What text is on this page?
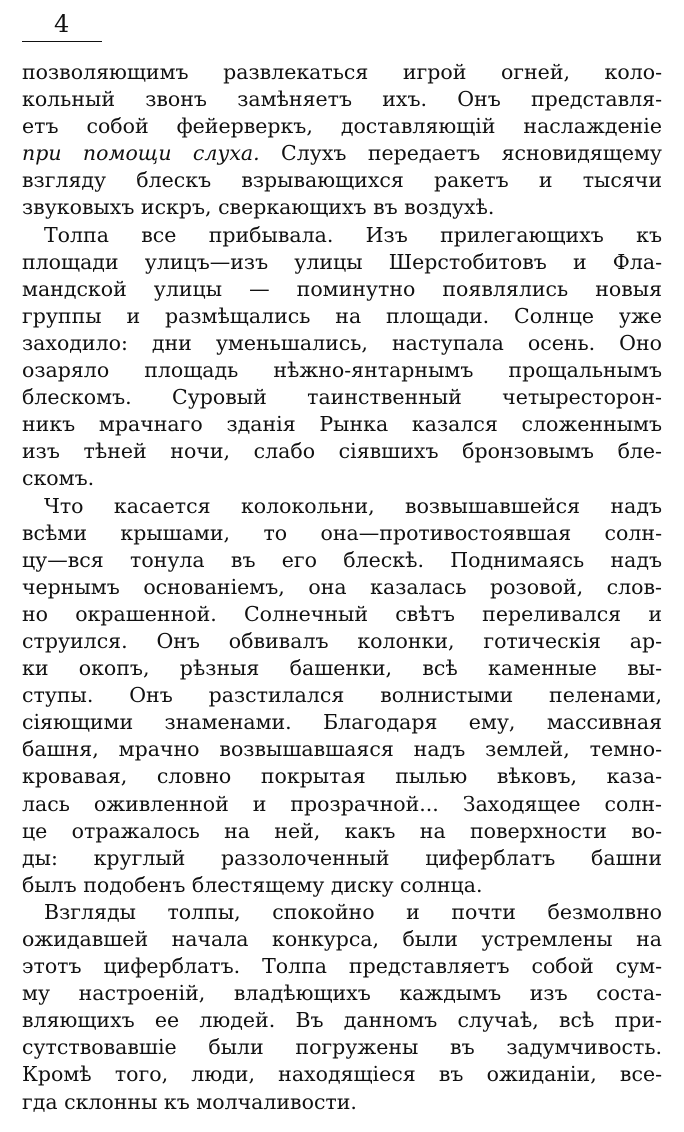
4
позволяющимъ развлекаться игрой огней, коло-
кольный звонъ замѣняетъ ихъ. Онъ представля-
етъ собой фейерверкъ, доставляющій наслажденіе
при помощи слуха. Слухъ передаетъ ясновидящему
взгляду блескъ взрывающихся ракетъ и тысячи
звуковыхъ искръ, сверкающихъ въ воздухѣ.
Толпа все прибывала. Изъ прилегающихъ къ
площади улицъ—изъ улицы Шерстобитовъ и Фла-
мандской улицы — поминутно появлялись новыя
группы и размѣщались на площади. Солнце уже
заходило: дни уменьшались, наступала осень. Оно
озаряло площадь нѣжно-янтарнымъ прощальнымъ
блескомъ. Суровый таинственный четыресторон-
никъ мрачнаго зданія Рынка казался сложеннымъ
изъ тѣней ночи, слабо сіявшихъ бронзовымъ бле-
скомъ.
Что касается колокольни, возвышавшейся надъ
всѣми крышами, то она—противостоявшая солн-
цу—вся тонула въ его блескѣ. Поднимаясь надъ
чернымъ основаніемъ, она казалась розовой, слов-
но окрашенной. Солнечный свѣтъ переливался и
струился. Онъ обвивалъ колонки, готическія ар-
ки окопъ, рѣзныя башенки, всѣ каменные вы-
ступы. Онъ разстилался волнистыми пеленами,
сіяющими знаменами. Благодаря ему, массивная
башня, мрачно возвышавшаяся надъ землей, темно-
кровавая, словно покрытая пылью вѣковъ, каза-
лась оживленной и прозрачной... Заходящее солн-
це отражалось на ней, какъ на поверхности во-
ды: круглый раззолоченный циферблатъ башни
былъ подобенъ блестящему диску солнца.
Взгляды толпы, спокойно и почти безмолвно
ожидавшей начала конкурса, были устремлены на
этотъ циферблатъ. Толпа представляетъ собой сум-
му настроеній, владѣющихъ каждымъ изъ соста-
вляющихъ ее людей. Въ данномъ случаѣ, всѣ при-
сутствовавшіе были погружены въ задумчивость.
Кромѣ того, люди, находящіеся въ ожиданіи, все-
гда склонны къ молчаливости.
